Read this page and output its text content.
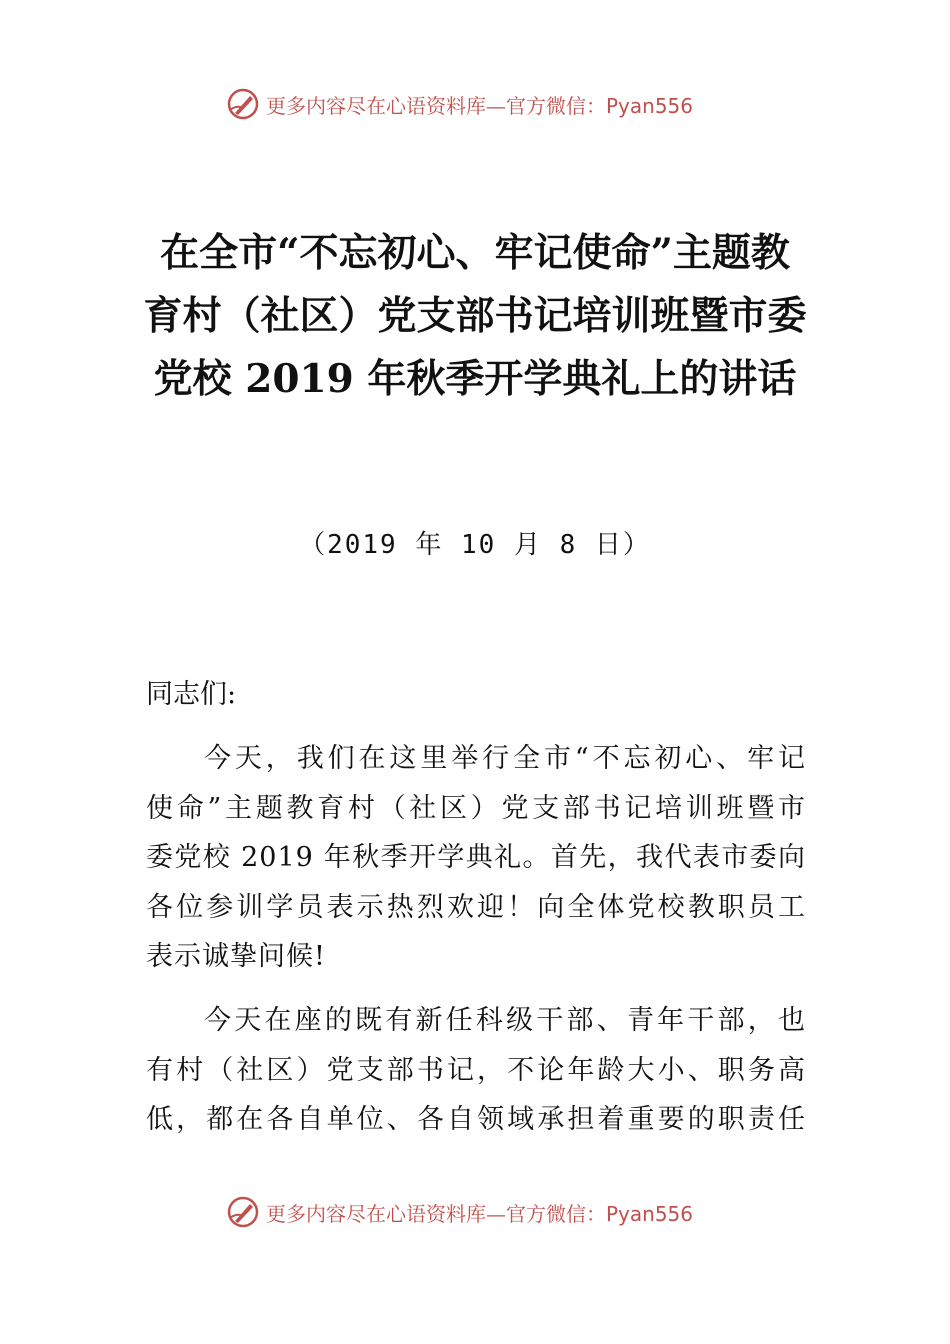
更多内容尽在心语资料库—官方微信：Pyan556
在全市“不忘初心、牢记使命”主题教
育村（社区）党支部书记培训班暨市委
党校 2019 年秋季开学典礼上的讲话
（2019 年 10 月 8 日）
同志们:
今天，我们在这里举行全市“不忘初心、牢记
使命”主题教育村（社区）党支部书记培训班暨市
委党校 2019 年秋季开学典礼。首先，我代表市委向
各位参训学员表示热烈欢迎！向全体党校教职员工
表示诚挚问候!
今天在座的既有新任科级干部、青年干部，也
有村（社区）党支部书记，不论年龄大小、职务高
低，都在各自单位、各自领域承担着重要的职责任
更多内容尽在心语资料库—官方微信：Pyan556
